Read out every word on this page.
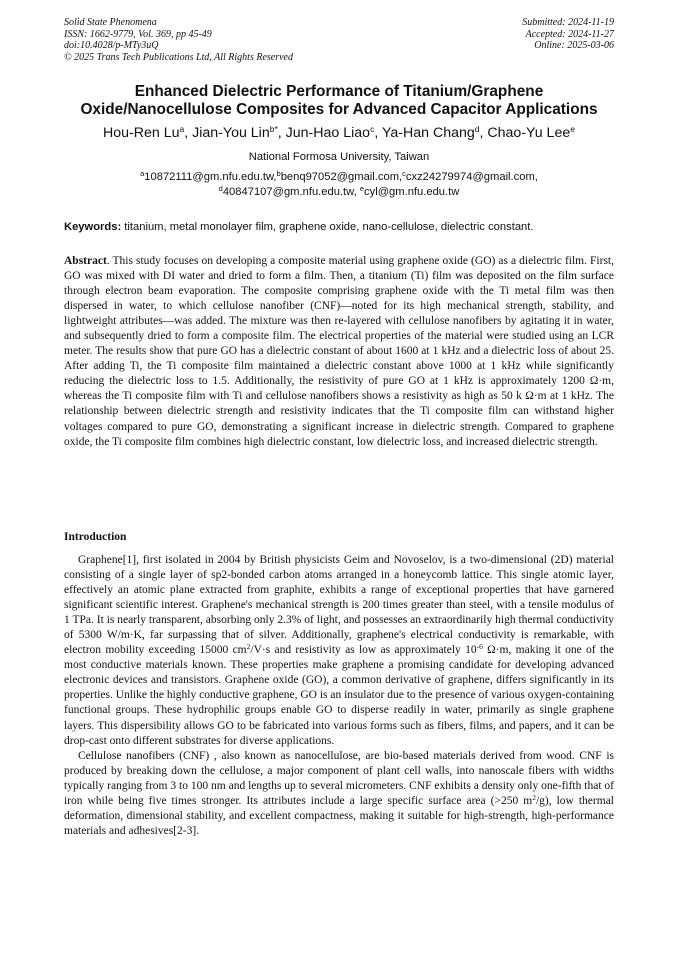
Solid State Phenomena
ISSN: 1662-9779, Vol. 369, pp 45-49
doi:10.4028/p-MTy3uQ
© 2025 Trans Tech Publications Ltd, All Rights Reserved
Submitted: 2024-11-19
Accepted: 2024-11-27
Online: 2025-03-06
Enhanced Dielectric Performance of Titanium/Graphene
Oxide/Nanocellulose Composites for Advanced Capacitor Applications
Hou-Ren Lu$^a$, Jian-You Lin$^{b*}$, Jun-Hao Liao$^c$, Ya-Han Chang$^d$, Chao-Yu Lee$^e$
National Formosa University, Taiwan
$^a$10872111@gm.nfu.edu.tw,$^b$benq97052@gmail.com,$^c$cxz24279974@gmail.com,
$^d$40847107@gm.nfu.edu.tw, $^e$cyl@gm.nfu.edu.tw
Keywords: titanium, metal monolayer film, graphene oxide, nano-cellulose, dielectric constant.
Abstract. This study focuses on developing a composite material using graphene oxide (GO) as a dielectric film. First, GO was mixed with DI water and dried to form a film. Then, a titanium (Ti) film was deposited on the film surface through electron beam evaporation. The composite comprising graphene oxide with the Ti metal film was then dispersed in water, to which cellulose nanofiber (CNF)—noted for its high mechanical strength, stability, and lightweight attributes—was added. The mixture was then re-layered with cellulose nanofibers by agitating it in water, and subsequently dried to form a composite film. The electrical properties of the material were studied using an LCR meter. The results show that pure GO has a dielectric constant of about 1600 at 1 kHz and a dielectric loss of about 25. After adding Ti, the Ti composite film maintained a dielectric constant above 1000 at 1 kHz while significantly reducing the dielectric loss to 1.5. Additionally, the resistivity of pure GO at 1 kHz is approximately 1200 Ω·m, whereas the Ti composite film with Ti and cellulose nanofibers shows a resistivity as high as 50 k Ω·m at 1 kHz. The relationship between dielectric strength and resistivity indicates that the Ti composite film can withstand higher voltages compared to pure GO, demonstrating a significant increase in dielectric strength. Compared to graphene oxide, the Ti composite film combines high dielectric constant, low dielectric loss, and increased dielectric strength.
Introduction

Graphene[1], first isolated in 2004 by British physicists Geim and Novoselov, is a two-dimensional (2D) material consisting of a single layer of sp2-bonded carbon atoms arranged in a honeycomb lattice. This single atomic layer, effectively an atomic plane extracted from graphite, exhibits a range of exceptional properties that have garnered significant scientific interest. Graphene's mechanical strength is 200 times greater than steel, with a tensile modulus of 1 TPa. It is nearly transparent, absorbing only 2.3% of light, and possesses an extraordinarily high thermal conductivity of 5300 W/m·K, far surpassing that of silver. Additionally, graphene's electrical conductivity is remarkable, with electron mobility exceeding 15000 $cm^2/V\cdot s$ and resistivity as low as approximately $10^{-6}$ Ω·m, making it one of the most conductive materials known. These properties make graphene a promising candidate for developing advanced electronic devices and transistors. Graphene oxide (GO), a common derivative of graphene, differs significantly in its properties. Unlike the highly conductive graphene, GO is an insulator due to the presence of various oxygen-containing functional groups. These hydrophilic groups enable GO to disperse readily in water, primarily as single graphene layers. This dispersibility allows GO to be fabricated into various forms such as fibers, films, and papers, and it can be drop-cast onto different substrates for diverse applications.

Cellulose nanofibers (CNF) , also known as nanocellulose, are bio-based materials derived from wood. CNF is produced by breaking down the cellulose, a major component of plant cell walls, into nanoscale fibers with widths typically ranging from 3 to 100 nm and lengths up to several micrometers. CNF exhibits a density only one-fifth that of iron while being five times stronger. Its attributes include a large specific surface area (>250 $m^2/g$), low thermal deformation, dimensional stability, and excellent compactness, making it suitable for high-strength, high-performance materials and adhesives[2-3].
